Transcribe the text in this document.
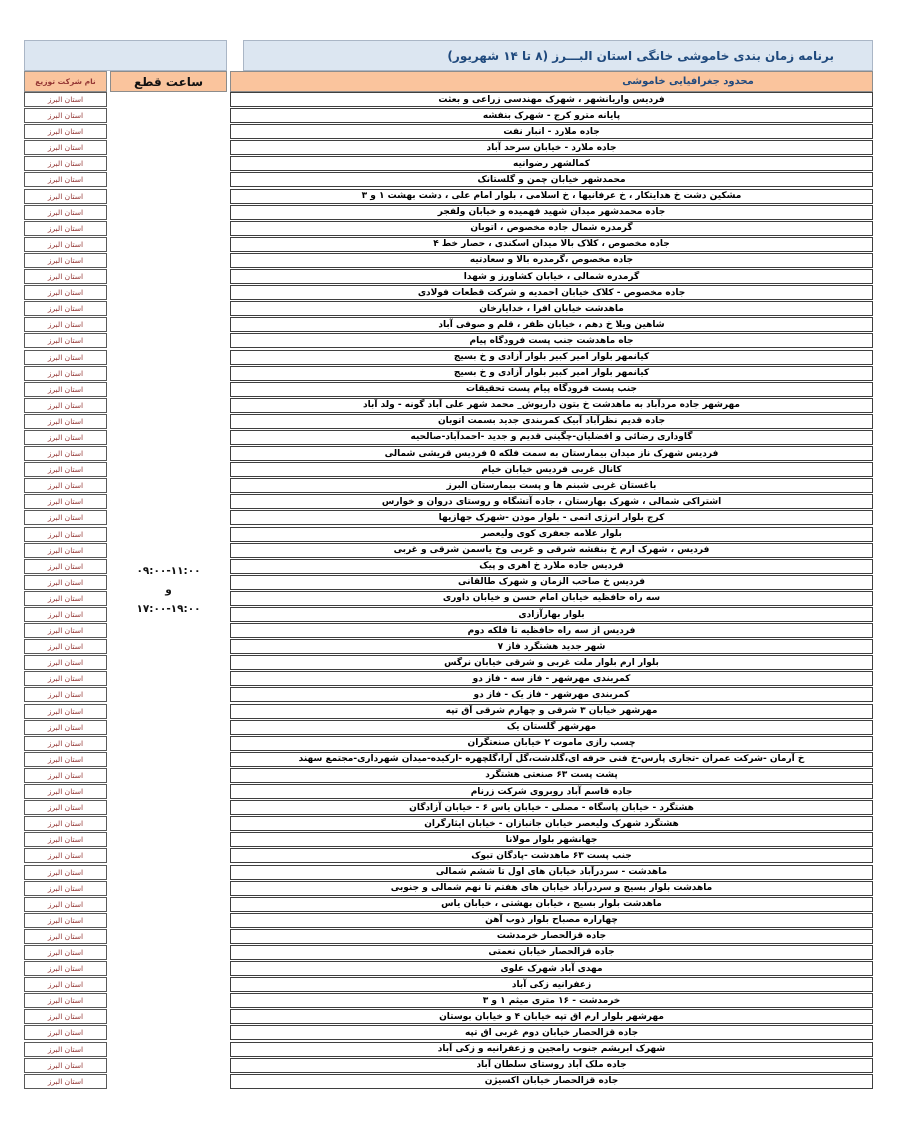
برنامه زمان بندی خاموشی خانگی استان البـــرز (۸ تا ۱۴ شهریور)
محدود جغرافیایی خاموشی
ساعت قطع
نام شرکت توزیع
فردیس واریانشهر ، شهرک مهندسی زراعی و بعثت
پایانه مترو کرج - شهرک بنفشه
جاده ملارد - انبار نفت
جاده ملارد - خیابان سرحد آباد
کمالشهر رضوانیه
محمدشهر خیابان چمن و گلستانک
مشکین دشت خ هدایتکار ، خ عرفانیها ، خ اسلامی ، بلوار امام علی ، دشت بهشت ۱ و ۳
جاده محمدشهر میدان شهید فهمیده و خیابان ولفجر
گرمدره شمال جاده مخصوص ، اتوبان
جاده مخصوص ، کلاک بالا میدان اسکندی ، حصار خط ۴
جاده مخصوص ،گرمدره بالا و سعادتیه
گرمدره شمالی ، خیابان کشاورز و شهدا
جاده مخصوص - کلاک خیابان احمدیه و شرکت قطعات فولادی
ماهدشت خیابان افرا ، خدایارخان
شاهین ویلا خ دهم ، خیابان ظفر ، قلم و صوفی آباد
جاه ماهدشت جنب پست فرودگاه پیام
کیانمهر بلوار امیر کبیر بلوار آزادی و خ بسیج
کیانمهر بلوار امیر کبیر بلوار آزادی و خ بسیج
جنب پست فرودگاه پیام پست تحقیقات
مهرشهر جاده مردآباد به ماهدشت خ بتون داریوش_ محمد شهر علی آباد گونه - ولد آباد
جاده قدیم نظرآباد آبیک کمربندی جدید بسمت اتوبان
گاوداری رضائی و افضلیان-چگینی قدیم و جدید -احمدآباد-صالحیه
فردیس شهرک ناز میدان بیمارستان به سمت فلکه ۵ فردیس قریشی شمالی
کانال غربی فردیس خیابان خیام
باغستان غربی شبنم ها و پست بیمارستان البرز
اشتراکی شمالی ، شهرک بهارستان ، جاده آتشگاه و روستای دروان و خوارس
کرج بلوار انرژی اتمی - بلوار موذن -شهرک جهازیها
بلوار علامه جعفری کوی ولیعصر
فردیس ، شهرک ارم خ بنفشه شرقی و غربی وخ یاسمن شرقی و غربی
فردیس جاده ملارد خ اهری و پیک
فردیس خ صاحب الزمان و شهرک طالقانی
سه راه حافظیه خیابان امام حسن و خیابان داوری
بلوار بهارآزادی
فردیس از سه راه حافظیه تا فلکه دوم
شهر جدید هشتگرد فاز ۷
بلوار ارم بلوار ملت غربی و شرقی خیابان نرگس
کمربندی مهرشهر - فاز سه - فاز دو
کمربندی مهرشهر - فاز یک - فاز دو
مهرشهر خیابان ۳ شرقی و چهارم شرقی آق تپه
مهرشهر گلستان یک
چسب رازی ماموت ۲ خیابان صنعتگران
خ آرمان -شرکت عمران -تجاری پارس-خ فنی حرفه ای،گلدشت،گل آرا،گلچهره -ارکیده-میدان شهرداری-مجتمع سهند
پشت پست ۶۳ صنعتی هشتگرد
جاده قاسم آباد روبروی شرکت زرنام
هشتگرد - خیابان پاسگاه - مصلی - خیابان یاس ۶ - خیابان آزادگان
هشتگرد شهرک ولیعصر خیابان جانبازان - خیابان ایثارگران
جهانشهر بلوار مولانا
جنب پست ۶۳ ماهدشت -پادگان تبوک
ماهدشت - سردرآباد خیابان های اول تا ششم شمالی
ماهدشت بلوار بسیج و سردرآباد خیابان های هفتم تا نهم شمالی و جنوبی
ماهدشت بلوار بسیج ، خیابان بهشتی ، خیابان یاس
چهاراره مصباح بلوار ذوب آهن
جاده قزالحصار خرمدشت
جاده قزالحصار خیابان نعمتی
مهدی آباد شهرک علوی
زعفرانیه زکی آباد
خرمدشت - ۱۶ متری میثم ۱ و ۳
مهرشهر بلوار ارم اق تپه خیابان ۴ و خیابان بوستان
جاده قزالحصار خیابان دوم غربی اق تپه
شهرک ابریشم جنوب رامجین و زعفرانیه و زکی آباد
جاده ملک آباد روستای سلطان آباد
جاده قزالحصار خیابان اکسیژن
۰۹:۰۰-۱۱:۰۰
و
۱۷:۰۰-۱۹:۰۰
استان البرز
استان البرز
استان البرز
استان البرز
استان البرز
استان البرز
استان البرز
استان البرز
استان البرز
استان البرز
استان البرز
استان البرز
استان البرز
استان البرز
استان البرز
استان البرز
استان البرز
استان البرز
استان البرز
استان البرز
استان البرز
استان البرز
استان البرز
استان البرز
استان البرز
استان البرز
استان البرز
استان البرز
استان البرز
استان البرز
استان البرز
استان البرز
استان البرز
استان البرز
استان البرز
استان البرز
استان البرز
استان البرز
استان البرز
استان البرز
استان البرز
استان البرز
استان البرز
استان البرز
استان البرز
استان البرز
استان البرز
استان البرز
استان البرز
استان البرز
استان البرز
استان البرز
استان البرز
استان البرز
استان البرز
استان البرز
استان البرز
استان البرز
استان البرز
استان البرز
استان البرز
استان البرز
